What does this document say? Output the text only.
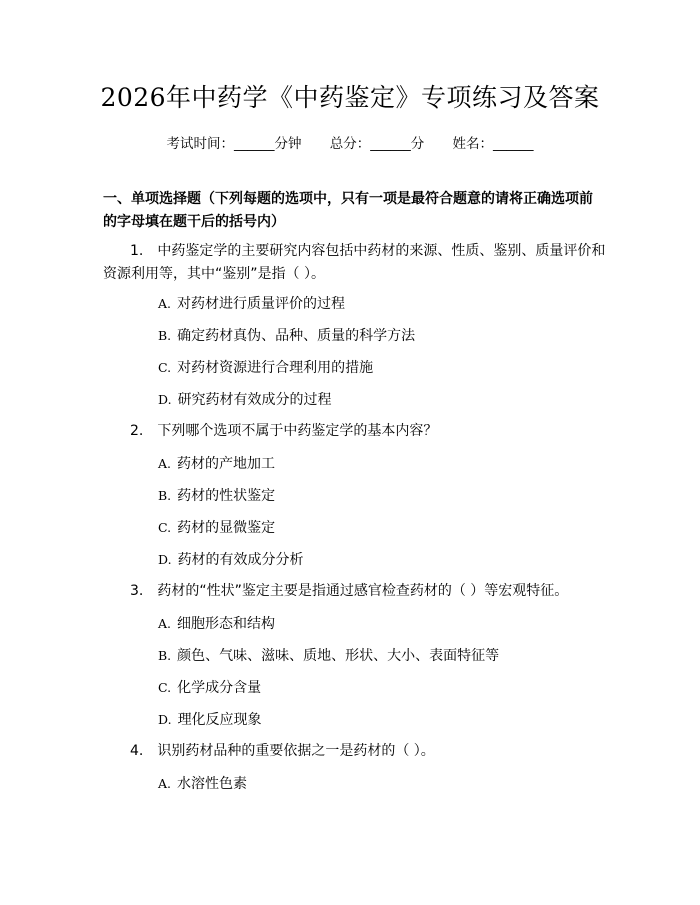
2026年中药学《中药鉴定》专项练习及答案
考试时间：______分钟 总分：______分 姓名：______
一、单项选择题（下列每题的选项中，只有一项是最符合题意的请将正确选项前的字母填在题干后的括号内）
1.　中药鉴定学的主要研究内容包括中药材的来源、性质、鉴别、质量评价和资源利用等，其中“鉴别”是指（ ）。
A. 对药材进行质量评价的过程
B. 确定药材真伪、品种、质量的科学方法
C. 对药材资源进行合理利用的措施
D. 研究药材有效成分的过程
2.　下列哪个选项不属于中药鉴定学的基本内容？
A. 药材的产地加工
B. 药材的性状鉴定
C. 药材的显微鉴定
D. 药材的有效成分分析
3.　药材的“性状”鉴定主要是指通过感官检查药材的（ ）等宏观特征。
A. 细胞形态和结构
B. 颜色、气味、滋味、质地、形状、大小、表面特征等
C. 化学成分含量
D. 理化反应现象
4.　识别药材品种的重要依据之一是药材的（ ）。
A. 水溶性色素
